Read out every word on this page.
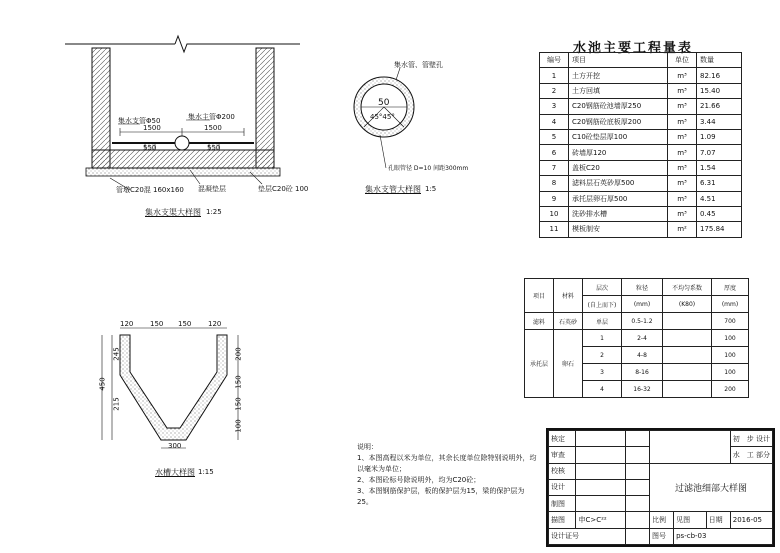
集水支管Φ50	集水主管Φ200
1500	1500
550	550
管墩C20混 160x160 混凝垫层	垫层C20砼 100
集水支渠大样图 1:25
集水管、管壁孔
50
45°45°
孔眼管径 D=10 间距300mm
集水支管大样图 1:5
120 150 150 120
245
215
450
200
150
150
100
300
水槽大样图 1:15
水池主要工程量表
编号	项目	单位	数量
1	土方开挖	m³	82.16
2	土方回填	m³	15.40
3	C20钢筋砼池墙厚250	m³	21.66
4	C20钢筋砼底板厚200	m³	3.44
5	C10砼垫层厚100	m³	1.09
6	砖墙厚120	m³	7.07
7	盖板C20	m³	1.54
8	滤料层石英砂厚500	m³	6.31
9	承托层卵石厚500	m³	4.51
10	洗砂排水槽	m³	0.45
11	模板制安	m²	175.84
项目	材料	层次	粒径	不均匀系数	厚度
		(自上而下)	(mm)	(K80)	(mm)
滤料	石英砂	单层	0.5-1.2		700
承托层	卵石	1	2-4		100
		2	4-8		100
		3	8-16		100
		4	16-32		200
说明：
1、本图高程以米为单位，其余长度单位除特别说明外，均以毫米为单位；
2、本图砼标号除说明外，均为C20砼；
3、本图钢筋保护层，板的保护层为15，梁的保护层为25。
核定						初　步 设计
审查						水　工 部分
校核			过滤池细部大样图			
设计						
制图						
描图	申C>C²²		比例	见图	日期	2016-05
设计证号			图号	ps-cb-03		
